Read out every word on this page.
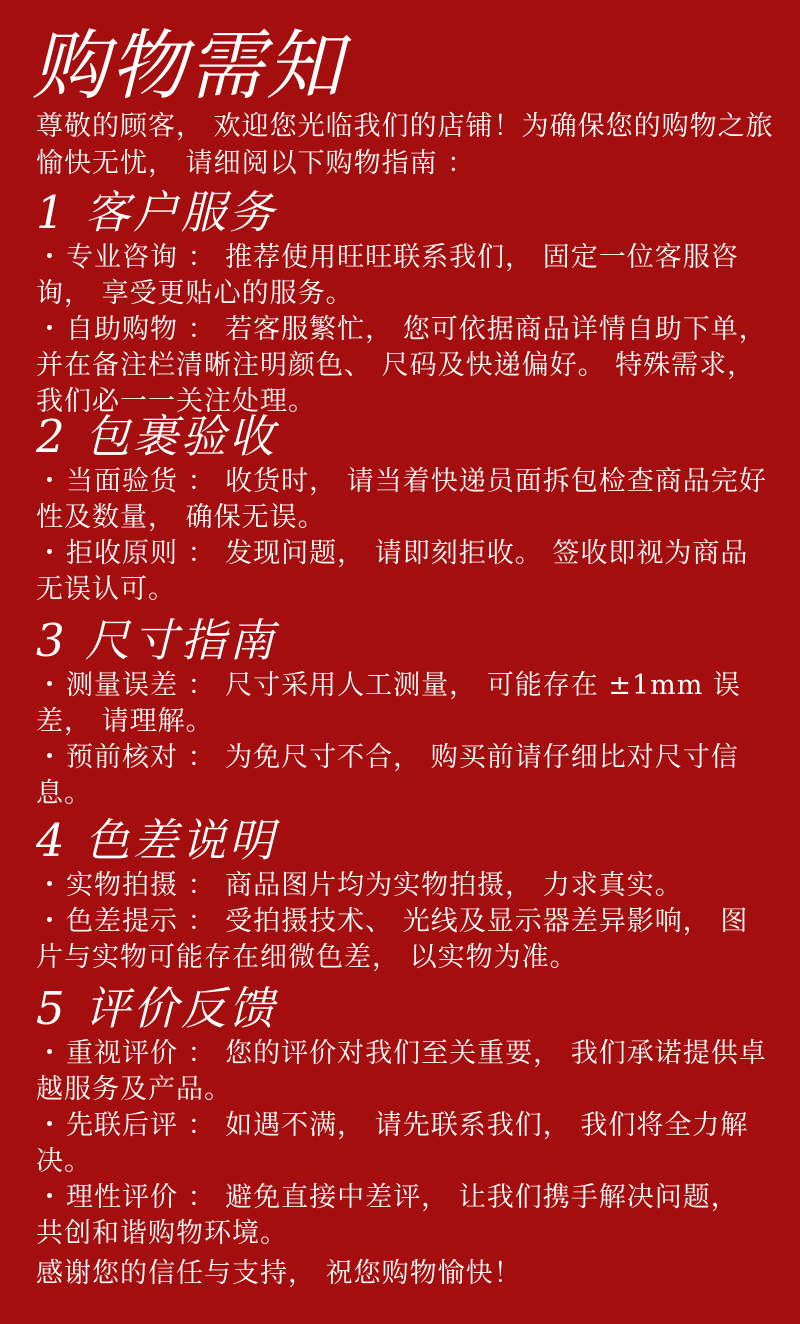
购物需知

尊敬的顾客， 欢迎您光临我们的店铺！为确保您的购物之旅愉快无忧， 请细阅以下购物指南 ：

1 客户服务

・专业咨询 ： 推荐使用旺旺联系我们， 固定一位客服咨询， 享受更贴心的服务。

・自助购物 ： 若客服繁忙， 您可依据商品详情自助下单， 并在备注栏清晰注明颜色、 尺码及快递偏好。 特殊需求， 我们必一一关注处理。

2 包裹验收

・当面验货 ： 收货时， 请当着快递员面拆包检查商品完好性及数量， 确保无误。

・拒收原则 ： 发现问题， 请即刻拒收。 签收即视为商品无误认可。

3 尺寸指南

・测量误差 ： 尺寸采用人工测量， 可能存在 ±1mm 误差， 请理解。

・预前核对 ： 为免尺寸不合， 购买前请仔细比对尺寸信息。

4 色差说明

・实物拍摄 ： 商品图片均为实物拍摄， 力求真实。

・色差提示 ： 受拍摄技术、 光线及显示器差异影响， 图片与实物可能存在细微色差， 以实物为准。

5 评价反馈

・重视评价 ： 您的评价对我们至关重要， 我们承诺提供卓越服务及产品。

・先联后评 ： 如遇不满， 请先联系我们， 我们将全力解决。

・理性评价 ： 避免直接中差评， 让我们携手解决问题， 共创和谐购物环境。

感谢您的信任与支持， 祝您购物愉快！
